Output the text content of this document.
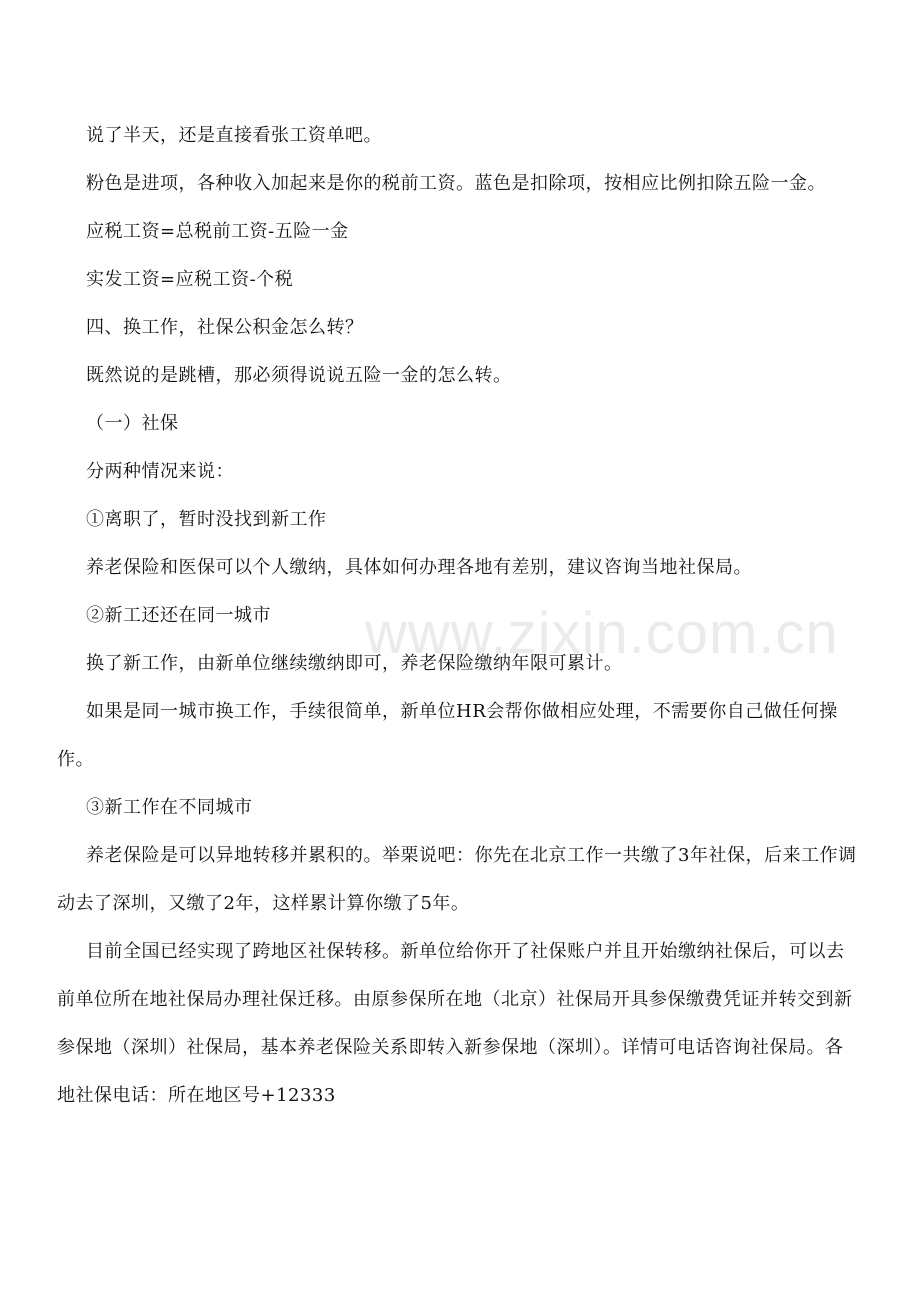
www.zixin.com.cn

说了半天，还是直接看张工资单吧。

粉色是进项，各种收入加起来是你的税前工资。蓝色是扣除项，按相应比例扣除五险一金。

应税工资=总税前工资-五险一金

实发工资=应税工资-个税

四、换工作，社保公积金怎么转？

既然说的是跳槽，那必须得说说五险一金的怎么转。

（一）社保

分两种情况来说：

①离职了，暂时没找到新工作

养老保险和医保可以个人缴纳，具体如何办理各地有差别，建议咨询当地社保局。

②新工还还在同一城市

换了新工作，由新单位继续缴纳即可，养老保险缴纳年限可累计。

如果是同一城市换工作，手续很简单，新单位HR会帮你做相应处理，不需要你自己做任何操作。

③新工作在不同城市

养老保险是可以异地转移并累积的。举栗说吧：你先在北京工作一共缴了3年社保，后来工作调动去了深圳，又缴了2年，这样累计算你缴了5年。

目前全国已经实现了跨地区社保转移。新单位给你开了社保账户并且开始缴纳社保后，可以去前单位所在地社保局办理社保迁移。由原参保所在地（北京）社保局开具参保缴费凭证并转交到新参保地（深圳）社保局，基本养老保险关系即转入新参保地（深圳）。详情可电话咨询社保局。各地社保电话：所在地区号+12333
